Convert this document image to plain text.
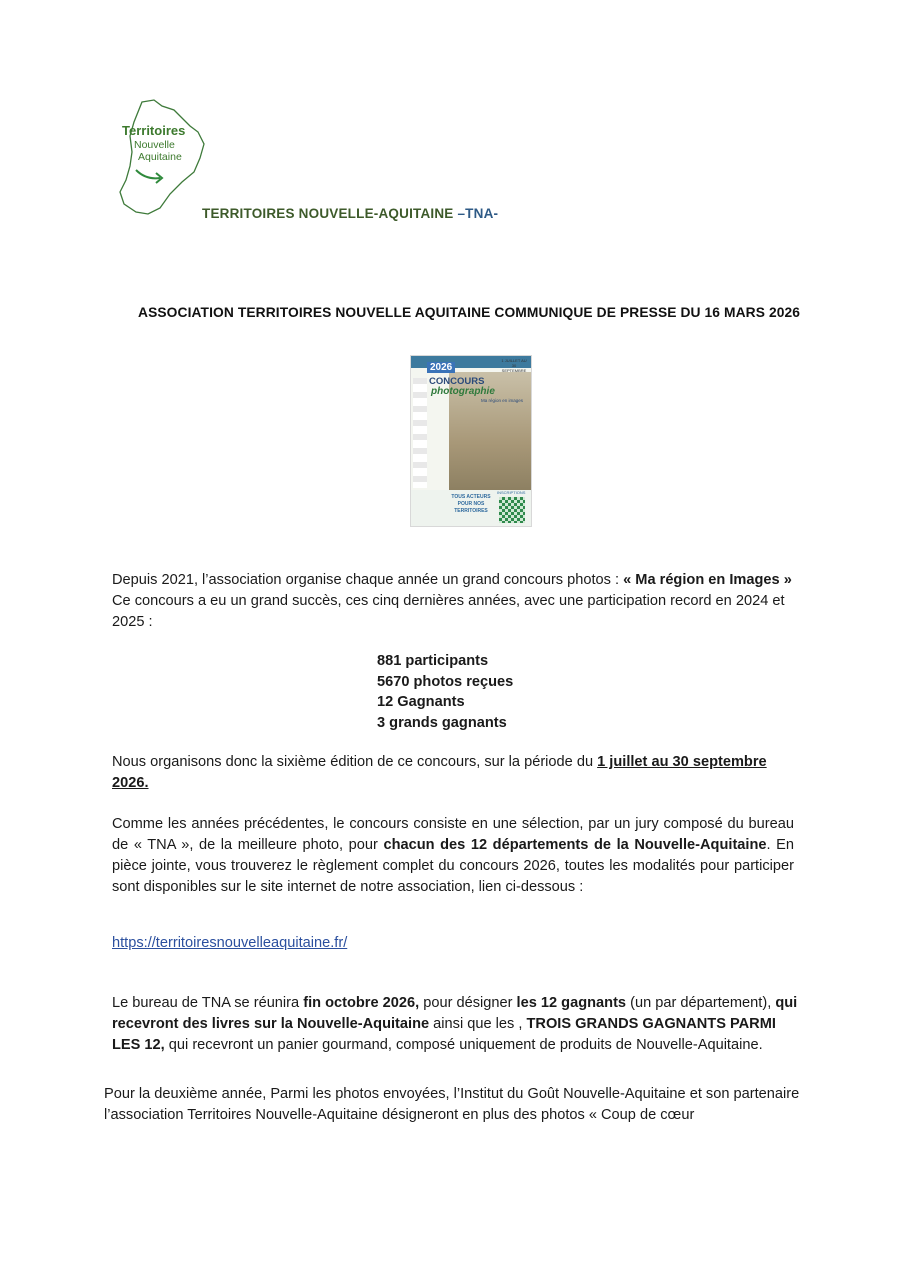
Territoires
Nouvelle
Aquitaine
TERRITOIRES NOUVELLE-AQUITAINE –TNA-
ASSOCIATION TERRITOIRES NOUVELLE AQUITAINE COMMUNIQUE DE PRESSE DU 16 MARS 2026
2026
CONCOURS
photographie
1 JUILLET AU 30 SEPTEMBRE
Ma région en images
TOUS ACTEURS POUR NOS TERRITOIRES
INSCRIPTIONS
Depuis 2021, l’association organise chaque année un grand concours photos : « Ma région en Images »
Ce concours a eu un grand succès, ces cinq dernières années, avec une participation record en 2024 et 2025 :
881 participants
5670 photos reçues
12 Gagnants
3 grands gagnants
Nous organisons donc la sixième édition de ce concours, sur la période du 1 juillet au 30 septembre 2026.
Comme les années précédentes, le concours consiste en une sélection, par un jury composé du bureau de « TNA », de la meilleure photo, pour chacun des 12 départements de la Nouvelle-Aquitaine. En pièce jointe, vous trouverez le règlement complet du concours 2026, toutes les modalités pour participer sont disponibles sur le site internet de notre association, lien ci-dessous :
https://territoiresnouvelleaquitaine.fr/
Le bureau de TNA se réunira fin octobre 2026, pour désigner les 12 gagnants (un par département), qui recevront des livres sur la Nouvelle-Aquitaine ainsi que les , TROIS GRANDS GAGNANTS PARMI LES 12, qui recevront un panier gourmand, composé uniquement de produits de Nouvelle-Aquitaine.
Pour la deuxième année, Parmi les photos envoyées, l’Institut du Goût Nouvelle-Aquitaine et son partenaire l’association Territoires Nouvelle-Aquitaine désigneront en plus des photos « Coup de cœur
